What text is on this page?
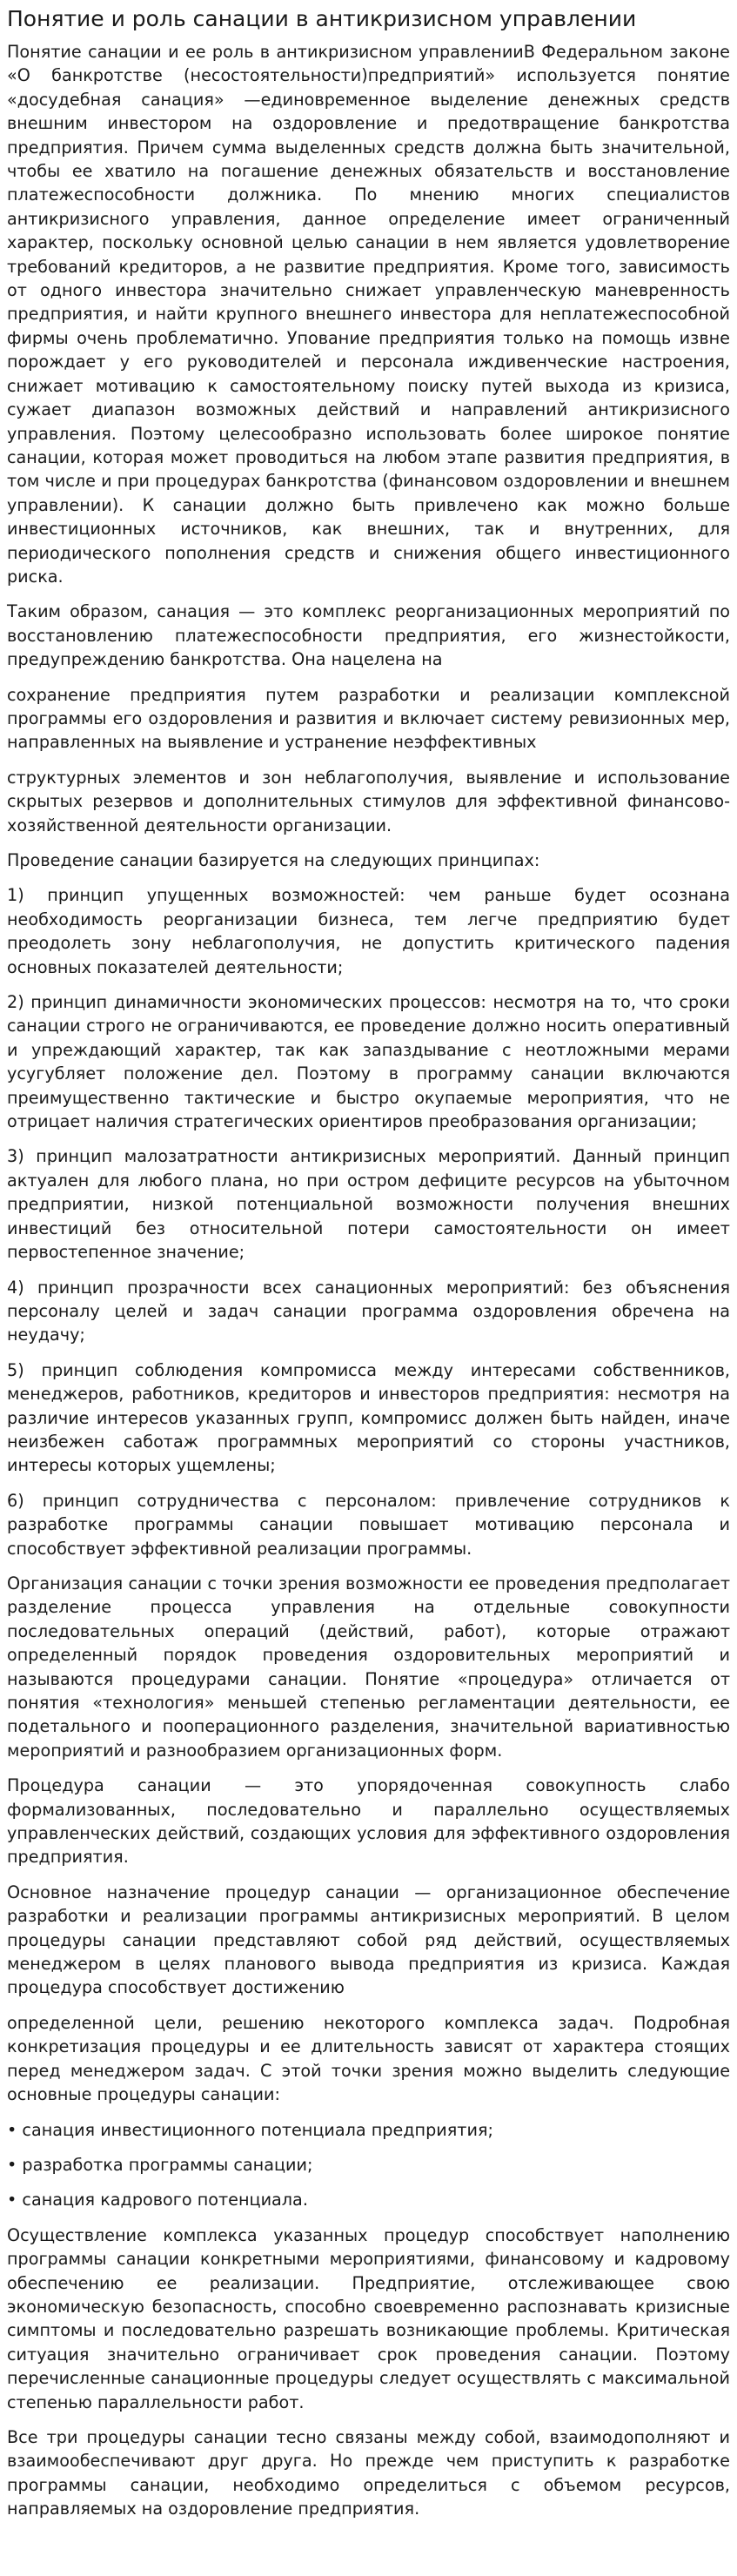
Понятие и роль санации в антикризисном управлении

Понятие санации и ее роль в антикризисном управленииВ Федеральном законе «О банкротстве (несостоятельности)предприятий» используется понятие «досудебная санация» —единовременное выделение денежных средств внешним инвестором на оздоровление и предотвращение банкротства предприятия. Причем сумма выделенных средств должна быть значительной, чтобы ее хватило на погашение денежных обязательств и восстановление платежеспособности должника. По мнению многих специалистов антикризисного управления, данное определение имеет ограниченный характер, поскольку основной целью санации в нем является удовлетворение требований кредиторов, а не развитие предприятия. Кроме того, зависимость от одного инвестора значительно снижает управленческую маневренность предприятия, и найти крупного внешнего инвестора для неплатежеспособной фирмы очень проблематично. Упование предприятия только на помощь извне порождает у его руководителей и персонала иждивенческие настроения, снижает мотивацию к самостоятельному поиску путей выхода из кризиса, сужает диапазон возможных действий и направлений антикризисного управления. Поэтому целесообразно использовать более широкое понятие санации, которая может проводиться на любом этапе развития предприятия, в том числе и при процедурах банкротства (финансовом оздоровлении и внешнем управлении). К санации должно быть привлечено как можно больше инвестиционных источников, как внешних, так и внутренних, для периодического пополнения средств и снижения общего инвестиционного риска.

Таким образом, санация — это комплекс реорганизационных мероприятий по восстановлению платежеспособности предприятия, его жизнестойкости, предупреждению банкротства. Она нацелена на

сохранение предприятия путем разработки и реализации комплексной программы его оздоровления и развития и включает систему ревизионных мер, направленных на выявление и устранение неэффективных

структурных элементов и зон неблагополучия, выявление и использование скрытых резервов и дополнительных стимулов для эффективной финансово-хозяйственной деятельности организации.

Проведение санации базируется на следующих принципах:

1) принцип упущенных возможностей: чем раньше будет осознана необходимость реорганизации бизнеса, тем легче предприятию будет преодолеть зону неблагополучия, не допустить критического падения основных показателей деятельности;

2) принцип динамичности экономических процессов: несмотря на то, что сроки санации строго не ограничиваются, ее проведение должно носить оперативный и упреждающий характер, так как запаздывание с неотложными мерами усугубляет положение дел. Поэтому в программу санации включаются преимущественно тактические и быстро окупаемые мероприятия, что не отрицает наличия стратегических ориентиров преобразования организации;

3) принцип малозатратности антикризисных мероприятий. Данный принцип актуален для любого плана, но при остром дефиците ресурсов на убыточном предприятии, низкой потенциальной возможности получения внешних инвестиций без относительной потери самостоятельности он имеет первостепенное значение;

4) принцип прозрачности всех санационных мероприятий: без объяснения персоналу целей и задач санации программа оздоровления обречена на неудачу;

5) принцип соблюдения компромисса между интересами собственников, менеджеров, работников, кредиторов и инвесторов предприятия: несмотря на различие интересов указанных групп, компромисс должен быть найден, иначе неизбежен саботаж программных мероприятий со стороны участников, интересы которых ущемлены;

6) принцип сотрудничества с персоналом: привлечение сотрудников к разработке программы санации повышает мотивацию персонала и способствует эффективной реализации программы.

Организация санации с точки зрения возможности ее проведения предполагает разделение процесса управления на отдельные совокупности последовательных операций (действий, работ), которые отражают определенный порядок проведения оздоровительных мероприятий и называются процедурами санации. Понятие «процедура» отличается от понятия «технология» меньшей степенью регламентации деятельности, ее подетального и пооперационного разделения, значительной вариативностью мероприятий и разнообразием организационных форм.

Процедура санации — это упорядоченная совокупность слабо формализованных, последовательно и параллельно осуществляемых управленческих действий, создающих условия для эффективного оздоровления предприятия.

Основное назначение процедур санации — организационное обеспечение разработки и реализации программы антикризисных мероприятий. В целом процедуры санации представляют собой ряд действий, осуществляемых менеджером в целях планового вывода предприятия из кризиса. Каждая процедура способствует достижению

определенной цели, решению некоторого комплекса задач. Подробная конкретизация процедуры и ее длительность зависят от характера стоящих перед менеджером задач. С этой точки зрения можно выделить следующие основные процедуры санации:

• санация инвестиционного потенциала предприятия;

• разработка программы санации;

• санация кадрового потенциала.

Осуществление комплекса указанных процедур способствует наполнению программы санации конкретными мероприятиями, финансовому и кадровому обеспечению ее реализации. Предприятие, отслеживающее свою экономическую безопасность, способно своевременно распознавать кризисные симптомы и последовательно разрешать возникающие проблемы. Критическая ситуация значительно ограничивает срок проведения санации. Поэтому перечисленные санационные процедуры следует осуществлять с максимальной степенью параллельности работ.

Все три процедуры санации тесно связаны между собой, взаимодополняют и взаимообеспечивают друг друга. Но прежде чем приступить к разработке программы санации, необходимо определиться с объемом ресурсов, направляемых на оздоровление предприятия.
